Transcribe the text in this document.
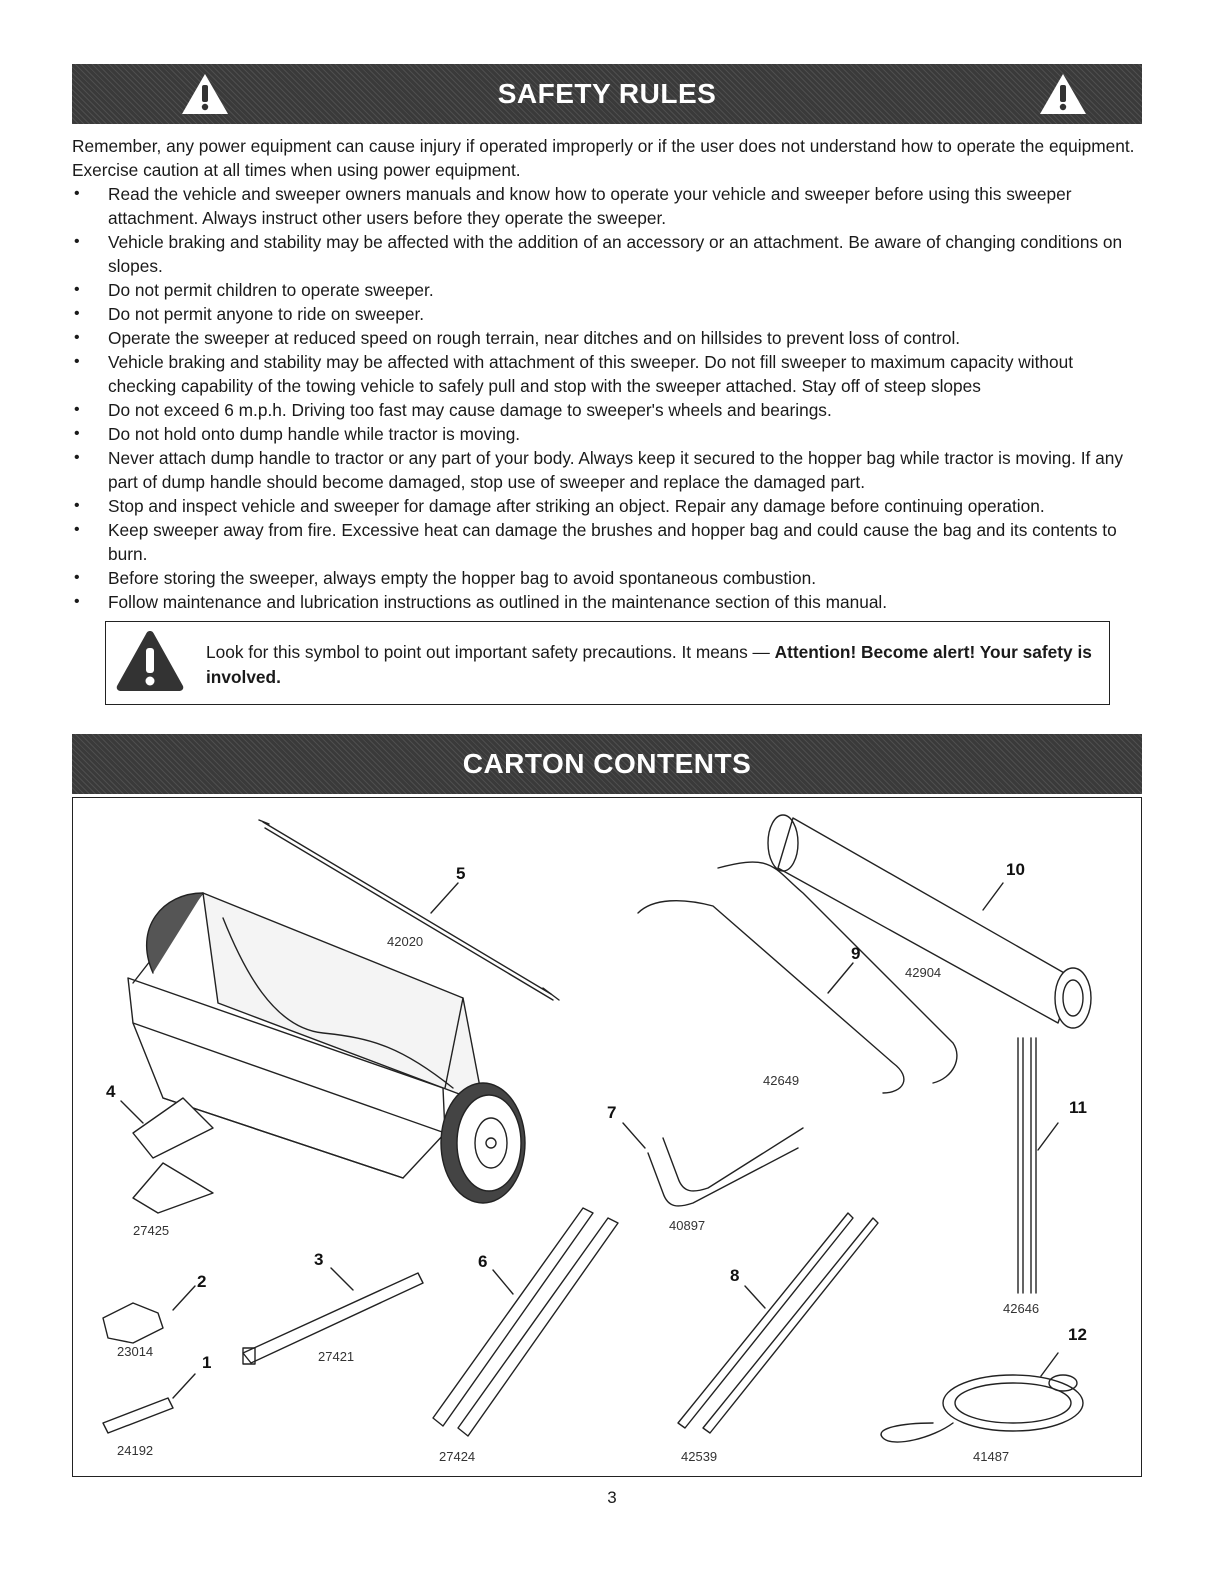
SAFETY RULES

Remember, any power equipment can cause injury if operated improperly or if the user does not understand how to operate the equipment. Exercise caution at all times when using power equipment.

• Read the vehicle and sweeper owners manuals and know how to operate your vehicle and sweeper before using this sweeper attachment. Always instruct other users before they operate the sweeper.
• Vehicle braking and stability may be affected with the addition of an accessory or an attachment. Be aware of changing conditions on slopes.
• Do not permit children to operate sweeper.
• Do not permit anyone to ride on sweeper.
• Operate the sweeper at reduced speed on rough terrain, near ditches and on hillsides to prevent loss of control.
• Vehicle braking and stability may be affected with attachment of this sweeper. Do not fill sweeper to maximum capacity without checking capability of the towing vehicle to safely pull and stop with the sweeper attached. Stay off of steep slopes
• Do not exceed 6 m.p.h. Driving too fast may cause damage to sweeper's wheels and bearings.
• Do not hold onto dump handle while tractor is moving.
• Never attach dump handle to tractor or any part of your body. Always keep it secured to the hopper bag while tractor is moving. If any part of dump handle should become damaged, stop use of sweeper and replace the damaged part.
• Stop and inspect vehicle and sweeper for damage after striking an object. Repair any damage before continuing operation.
• Keep sweeper away from fire. Excessive heat can damage the brushes and hopper bag and could cause the bag and its contents to burn.
• Before storing the sweeper, always empty the hopper bag to avoid spontaneous combustion.
• Follow maintenance and lubrication instructions as outlined in the maintenance section of this manual.
Look for this symbol to point out important safety precautions. It means — Attention! Become alert! Your safety is involved.
CARTON CONTENTS
5	10
9
7	11
4
2
1
3	6
8
12
42020
42904
42649
40897
42646
27425
23014
24192
27421
27424	42539	41487
3
